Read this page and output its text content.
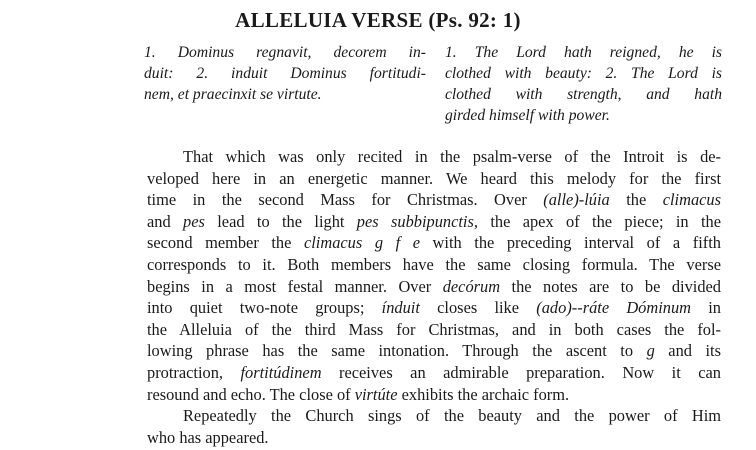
ALLELUIA VERSE (Ps. 92: 1)
1. Dominus regnavit, decorem in-
duit: 2. induit Dominus fortitudi-
nem, et praecinxit se virtute.
1. The Lord hath reigned, he is
clothed with beauty: 2. The Lord is
clothed with strength, and hath
girded himself with power.
That which was only recited in the psalm-verse of the Introit is de-
veloped here in an energetic manner. We heard this melody for the first
time in the second Mass for Christmas. Over (alle)-lúia the climacus
and pes lead to the light pes subbipunctis, the apex of the piece; in the
second member the climacus g f e with the preceding interval of a fifth
corresponds to it. Both members have the same closing formula. The verse
begins in a most festal manner. Over decórum the notes are to be divided
into quiet two-note groups; índuit closes like (ado)--ráte Dóminum in
the Alleluia of the third Mass for Christmas, and in both cases the fol-
lowing phrase has the same intonation. Through the ascent to g and its
protraction, fortitúdinem receives an admirable preparation. Now it can
resound and echo. The close of virtúte exhibits the archaic form.
Repeatedly the Church sings of the beauty and the power of Him
who has appeared.
